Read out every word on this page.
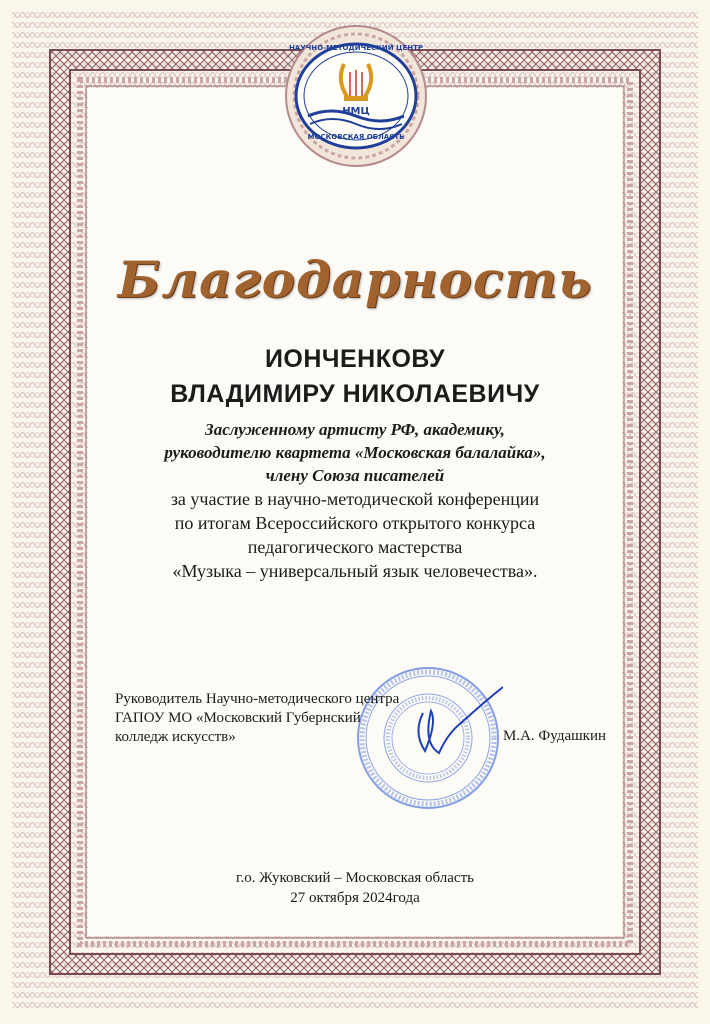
НАУЧНО-МЕТОДИЧЕСКИЙ ЦЕНТР
НМЦ
МОСКОВСКАЯ ОБЛАСТЬ
Благодарность
ИОНЧЕНКОВУ
ВЛАДИМИРУ НИКОЛАЕВИЧУ
Заслуженному артисту РФ, академику,
руководителю квартета «Московская балалайка»,
члену Союза писателей
за участие в научно-методической конференции
по итогам Всероссийского открытого конкурса
педагогического мастерства
«Музыка – универсальный язык человечества».
Руководитель Научно-методического центра
ГАПОУ МО «Московский Губернский
колледж искусств»	М.А. Фудашкин
г.о. Жуковский – Московская область
27 октября 2024года
